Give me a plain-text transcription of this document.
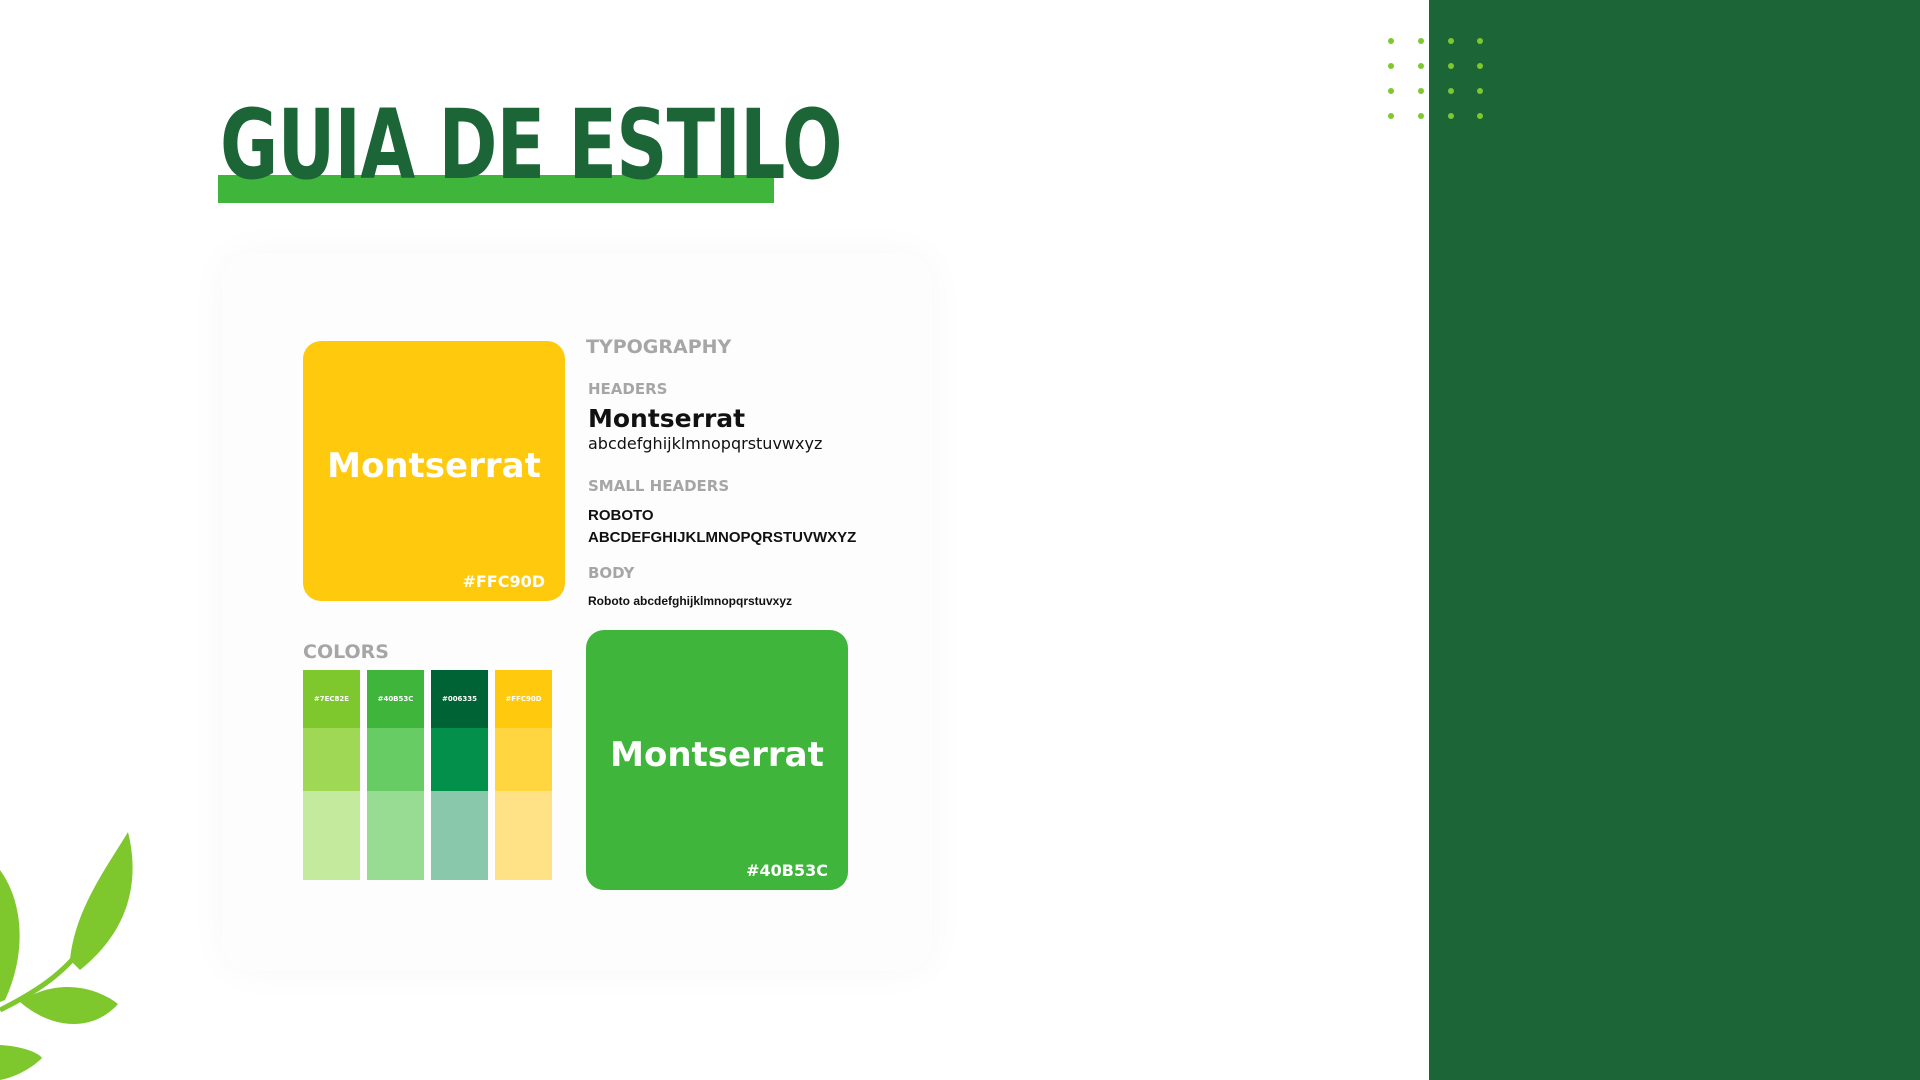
GUIA DE ESTILO
Montserrat
#FFC90D
TYPOGRAPHY
HEADERS
Montserrat
abcdefghijklmnopqrstuvwxyz
SMALL HEADERS
ROBOTO
ABCDEFGHIJKLMNOPQRSTUVWXYZ
BODY
Roboto abcdefghijklmnopqrstuvxyz
COLORS
#7EC82E	#40B53C	#006335	#FFC90D
Montserrat
#40B53C
